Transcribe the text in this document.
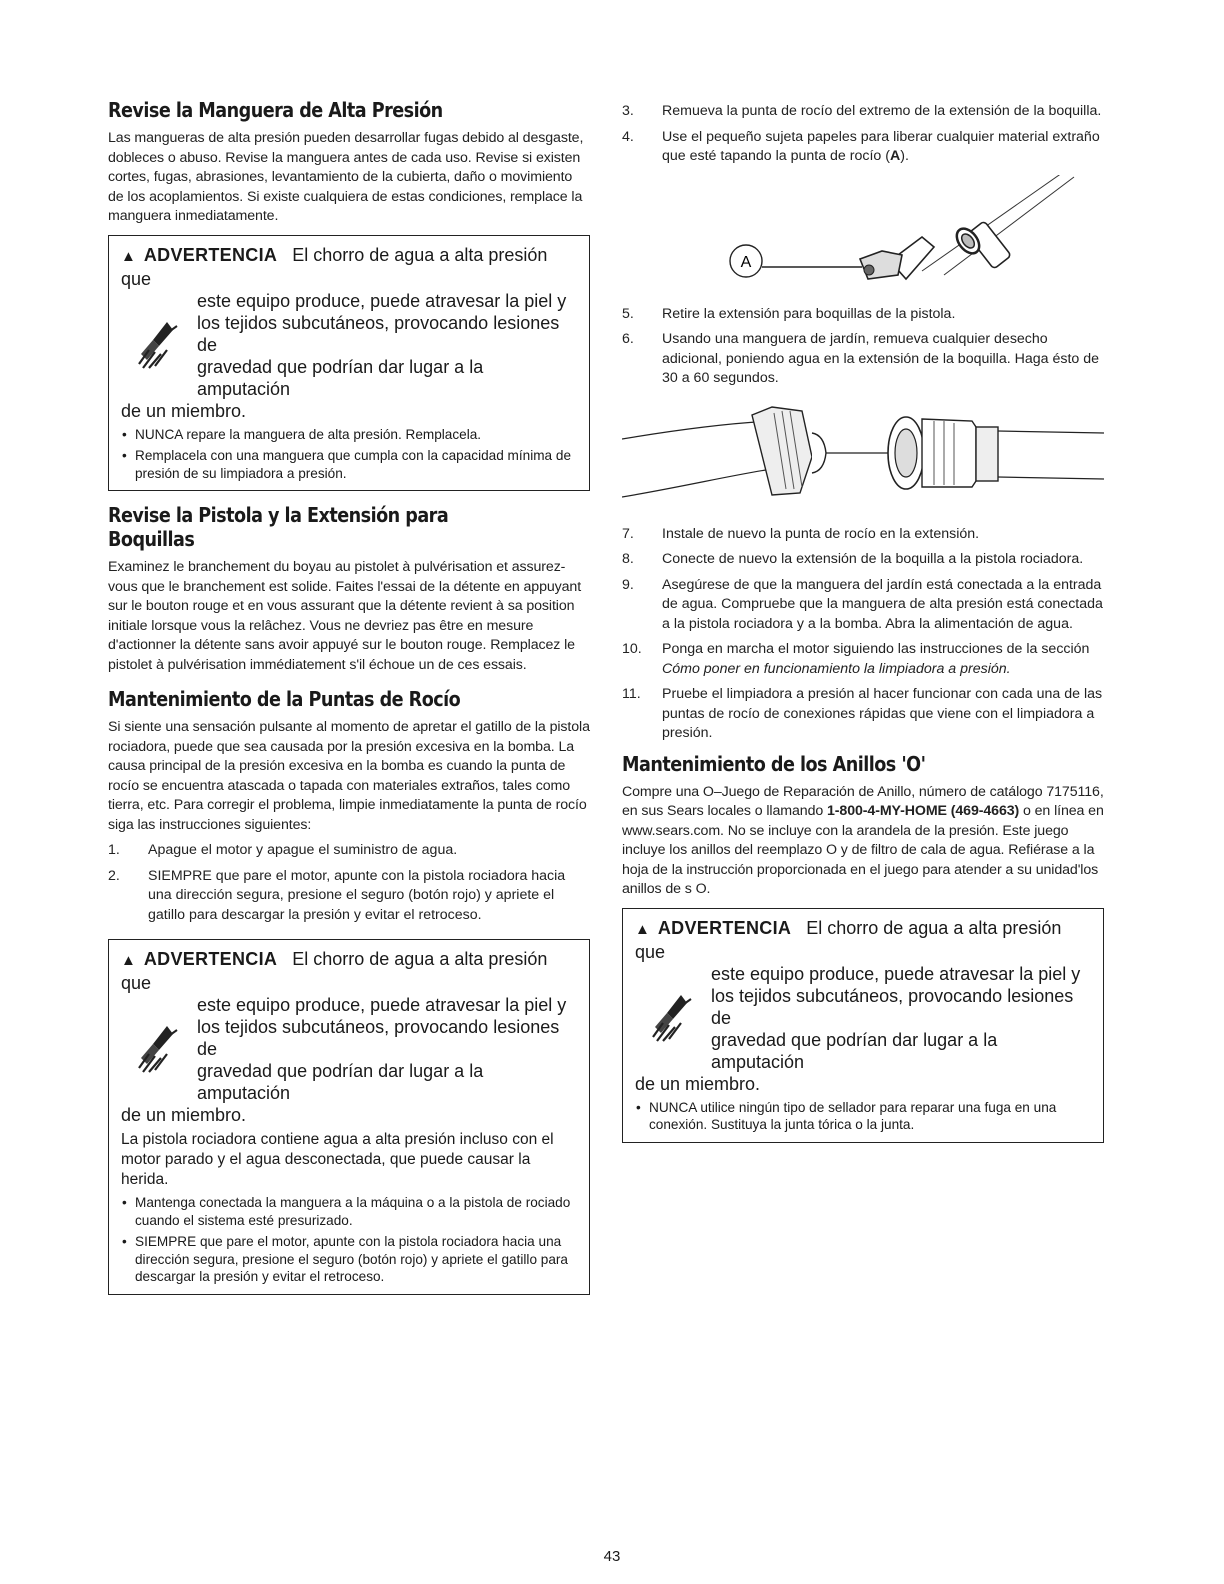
Revise la Manguera de Alta Presión

Las mangueras de alta presión pueden desarrollar fugas debido al desgaste, dobleces o abuso. Revise la manguera antes de cada uso. Revise si existen cortes, fugas, abrasiones, levantamiento de la cubierta, daño o movimiento de los acoplamientos. Si existe cualquiera de estas condiciones, remplace la manguera inmediatamente.

▲ ADVERTENCIA El chorro de agua a alta presión que
este equipo produce, puede atravesar la piel y
los tejidos subcutáneos, provocando lesiones de
gravedad que podrían dar lugar a la amputación
de un miembro.
• NUNCA repare la manguera de alta presión. Remplacela.
• Remplacela con una manguera que cumpla con la capacidad mínima de presión de su limpiadora a presión.
Revise la Pistola y la Extensión para Boquillas

Examinez le branchement du boyau au pistolet à pulvérisation et assurez-vous que le branchement est solide. Faites l'essai de la détente en appuyant sur le bouton rouge et en vous assurant que la détente revient à sa position initiale lorsque vous la relâchez. Vous ne devriez pas être en mesure d'actionner la détente sans avoir appuyé sur le bouton rouge. Remplacez le pistolet à pulvérisation immédiatement s'il échoue un de ces essais.

Mantenimiento de la Puntas de Rocío

Si siente una sensación pulsante al momento de apretar el gatillo de la pistola rociadora, puede que sea causada por la presión excesiva en la bomba. La causa principal de la presión excesiva en la bomba es cuando la punta de rocío se encuentra atascada o tapada con materiales extraños, tales como tierra, etc. Para corregir el problema, limpie inmediatamente la punta de rocío siga las instrucciones siguientes:

1. Apague el motor y apague el suministro de agua.
2. SIEMPRE que pare el motor, apunte con la pistola rociadora hacia una dirección segura, presione el seguro (botón rojo) y apriete el gatillo para descargar la presión y evitar el retroceso.
▲ ADVERTENCIA El chorro de agua a alta presión que
este equipo produce, puede atravesar la piel y
los tejidos subcutáneos, provocando lesiones de
gravedad que podrían dar lugar a la amputación
de un miembro.
La pistola rociadora contiene agua a alta presión incluso con el motor parado y el agua desconectada, que puede causar la herida.
• Mantenga conectada la manguera a la máquina o a la pistola de rociado cuando el sistema esté presurizado.
• SIEMPRE que pare el motor, apunte con la pistola rociadora hacia una dirección segura, presione el seguro (botón rojo) y apriete el gatillo para descargar la presión y evitar el retroceso.
3. Remueva la punta de rocío del extremo de la extensión de la boquilla.
4. Use el pequeño sujeta papeles para liberar cualquier material extraño que esté tapando la punta de rocío (A).
A
5. Retire la extensión para boquillas de la pistola.
6. Usando una manguera de jardín, remueva cualquier desecho adicional, poniendo agua en la extensión de la boquilla. Haga ésto de 30 a 60 segundos.
7. Instale de nuevo la punta de rocío en la extensión.
8. Conecte de nuevo la extensión de la boquilla a la pistola rociadora.
9. Asegúrese de que la manguera del jardín está conectada a la entrada de agua. Compruebe que la manguera de alta presión está conectada a la pistola rociadora y a la bomba. Abra la alimentación de agua.
10. Ponga en marcha el motor siguiendo las instrucciones de la sección Cómo poner en funcionamiento la limpiadora a presión.
11. Pruebe el limpiadora a presión al hacer funcionar con cada una de las puntas de rocío de conexiones rápidas que viene con el limpiadora a presión.
Mantenimiento de los Anillos 'O'

Compre una O–Juego de Reparación de Anillo, número de catálogo 7175116, en sus Sears locales o llamando 1-800-4-MY-HOME (469-4663) o en línea en www.sears.com. No se incluye con la arandela de la presión. Este juego incluye los anillos del reemplazo O y de filtro de cala de agua. Refiérase a la hoja de la instrucción proporcionada en el juego para atender a su unidad'los anillos de s O.

▲ ADVERTENCIA El chorro de agua a alta presión que
este equipo produce, puede atravesar la piel y
los tejidos subcutáneos, provocando lesiones de
gravedad que podrían dar lugar a la amputación
de un miembro.
• NUNCA utilice ningún tipo de sellador para reparar una fuga en una conexión. Sustituya la junta tórica o la junta.
43
